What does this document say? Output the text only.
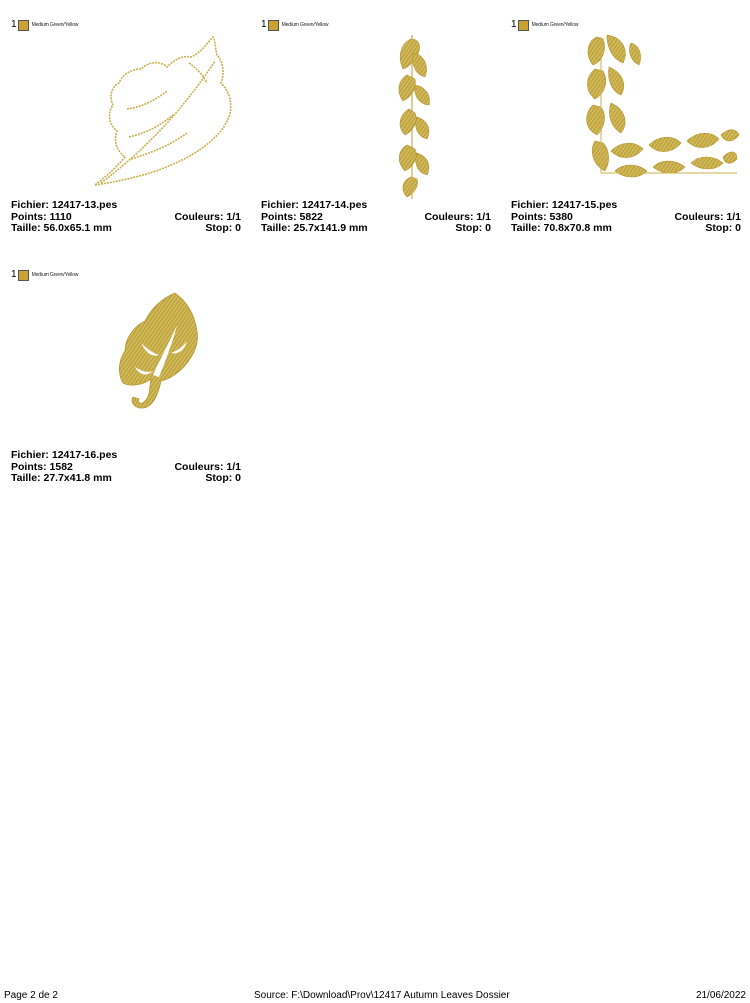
1	Medium Green/Yellow
Fichier: 12417-13.pes
Points: 1110	Couleurs: 1/1
Taille: 56.0x65.1 mm	Stop: 0
1	Medium Green/Yellow
Fichier: 12417-14.pes
Points: 5822	Couleurs: 1/1
Taille: 25.7x141.9 mm	Stop: 0
1	Medium Green/Yellow
Fichier: 12417-15.pes
Points: 5380	Couleurs: 1/1
Taille: 70.8x70.8 mm	Stop: 0
1	Medium Green/Yellow
Fichier: 12417-16.pes
Points: 1582	Couleurs: 1/1
Taille: 27.7x41.8 mm	Stop: 0
Page 2 de 2	Source: F:\Download\Prov\12417 Autumn Leaves Dossier	21/06/2022
